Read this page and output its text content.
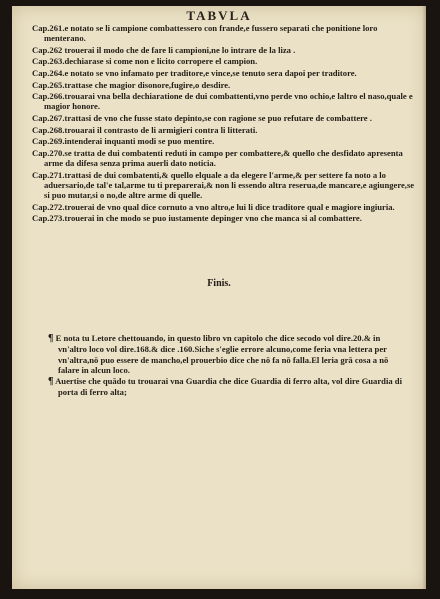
TABVLA
Cap.261.e notato se li campione combattessero con frande,e fussero separati che ponitione loro menterano.
Cap.262 trouerai il modo che de fare li campioni,ne lo intrare de la liza .
Cap.263.dechiarase si come non e licito corropere el campion.
Cap.264.e notato se vno infamato per traditore,e vince,se tenuto sera dapoi per traditore.
Cap.265.trattase che magior disonore,fugire,o desdire.
Cap.266.trouarai vna bella dechiaratione de dui combattenti,vno perde vno ochio,e laltro el naso,quale e magior honore.
Cap.267.trattasi de vno che fusse stato depinto,se con ragione se puo refutare de combattere .
Cap.268.trouarai il contrasto de li armigieri contra li litterati.
Cap.269.intenderai inquanti modi se puo mentire.
Cap.270.se tratta de dui combatenti reduti in campo per combattere,& quello che desfidato apresenta arme da difesa senza prima auerli dato noticia.
Cap.271.trattasi de dui combatenti,& quello elquale a da elegere l'arme,& per settere fa noto a lo aduersario,de tal'e tal,arme tu ti preparerai,& non li essendo altra reserua,de mancare,e agiungere,se si puo mutar,si o no,de altre arme di quelle.
Cap.272.trouerai de vno qual dice cornuto a vno altro,e lui li dice traditore qual e magiore ingiuria.
Cap.273.trouerai in che modo se puo iustamente depinger vno che manca si al combattere.
Finis.
¶ E nota tu Letore chettouando, in questo libro vn capitolo che dice secodo vol dire.20.& in vn'altro loco vol dire.168.& dice .160.Siche s'eglie errore alcuno,come feria vna lettera per vn'altra,nō puo essere de mancho,el prouerbio dice che nō fa nō falla.El leria grā cosa a nō falare in alcun loco.
¶ Auertise che quādo tu trouarai vna Guardia che dice Guardia di ferro alta, vol dire Guardia di porta di ferro alta;
